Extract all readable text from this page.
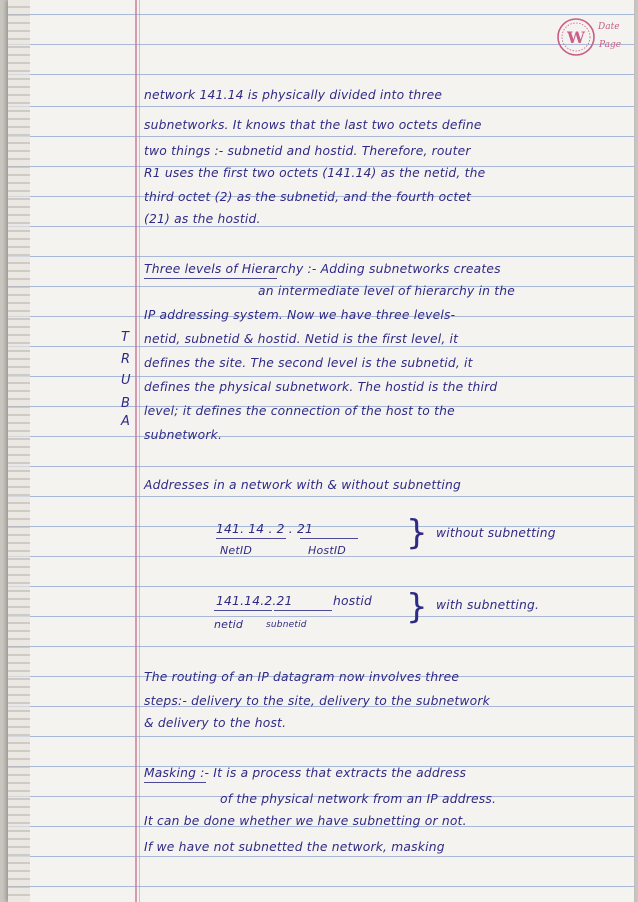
W
Date
Page

network 141.14 is physically divided into three

subnetworks. It knows that the last two octets define

two things :- subnetid and hostid. Therefore, router

R1 uses the first two octets (141.14) as the netid, the

third octet (2) as the subnetid, and the fourth octet

(21) as the hostid.

Three levels of Hierarchy :- Adding subnetworks creates

an intermediate level of hierarchy in the

IP addressing system. Now we have three levels-

netid, subnetid & hostid. Netid is the first level, it

defines the site. The second level is the subnetid, it

defines the physical subnetwork. The hostid is the third

level; it defines the connection of the host to the

subnetwork.

T
R
U
B
A

Addresses in a network with & without subnetting

141. 14 . 2 . 21

NetID	HostID } without subnetting

141.14.2.21	hostid

netid	subnetid	} with subnetting.

The routing of an IP datagram now involves three

steps:- delivery to the site, delivery to the subnetwork

& delivery to the host.

Masking :- It is a process that extracts the address

of the physical network from an IP address.

It can be done whether we have subnetting or not.

If we have not subnetted the network, masking
